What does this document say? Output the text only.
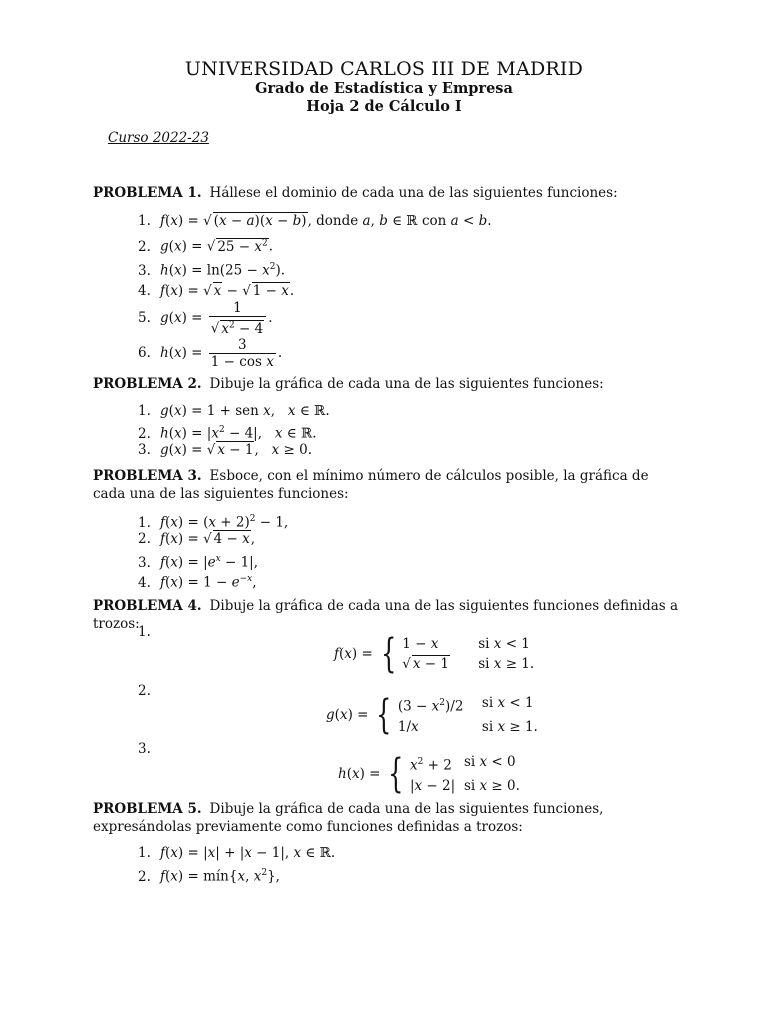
UNIVERSIDAD CARLOS III DE MADRID
Grado de Estadística y Empresa
Hoja 2 de Cálculo I
Curso 2022-23
PROBLEMA 1. Hállese el dominio de cada una de las siguientes funciones:
1. f(x) = √ (x − a)(x − b), donde a, b ∈ ℝ con a < b.
2. g(x) = √ $25 - x^2$.
3. $h(x) = \ln(25 - x^2)$.
4. f(x) = √ x − √ 1 − x.
5. $g(x) = \frac{1}{√ x^2 - 4}$ .
6. $h(x) = \frac{3}{\text{1 − cos x}}$ .
PROBLEMA 2. Dibuje la gráfica de cada una de las siguientes funciones:
1. g(x) = 1 + sen x,   x ∈ ℝ.
2. $h(x) = |x^2 - 4|$,   x ∈ ℝ.
3. g(x) = √ x − 1,   x ≥ 0.
PROBLEMA 3. Esboce, con el mínimo número de cálculos posible, la gráfica de cada una de las siguientes funciones:
1. $f(x) = (x + 2)^2 - 1$,
2. f(x) = √ 4 − x,
3. $f(x) = |e^x - 1|$,
4. $f(x) = 1 - e^{-x}$,
PROBLEMA 4. Dibuje la gráfica de cada una de las siguientes funciones definidas a trozos:
1.
f(x) = { 1 − x	si x < 1
√ x − 1	si x ≥ 1.
2.
g(x) = { $(3 - x^2)/2$	si x < 1
1/x	si x ≥ 1.
3.
h(x) = { $x^2 + 2$ si x < 0
|x − 2| si x ≥ 0.
PROBLEMA 5. Dibuje la gráfica de cada una de las siguientes funciones, expresándolas previamente como funciones definidas a trozos:
1. f(x) = |x| + |x − 1|, x ∈ ℝ.
2. f(x) = mín{x, $x^2$},
